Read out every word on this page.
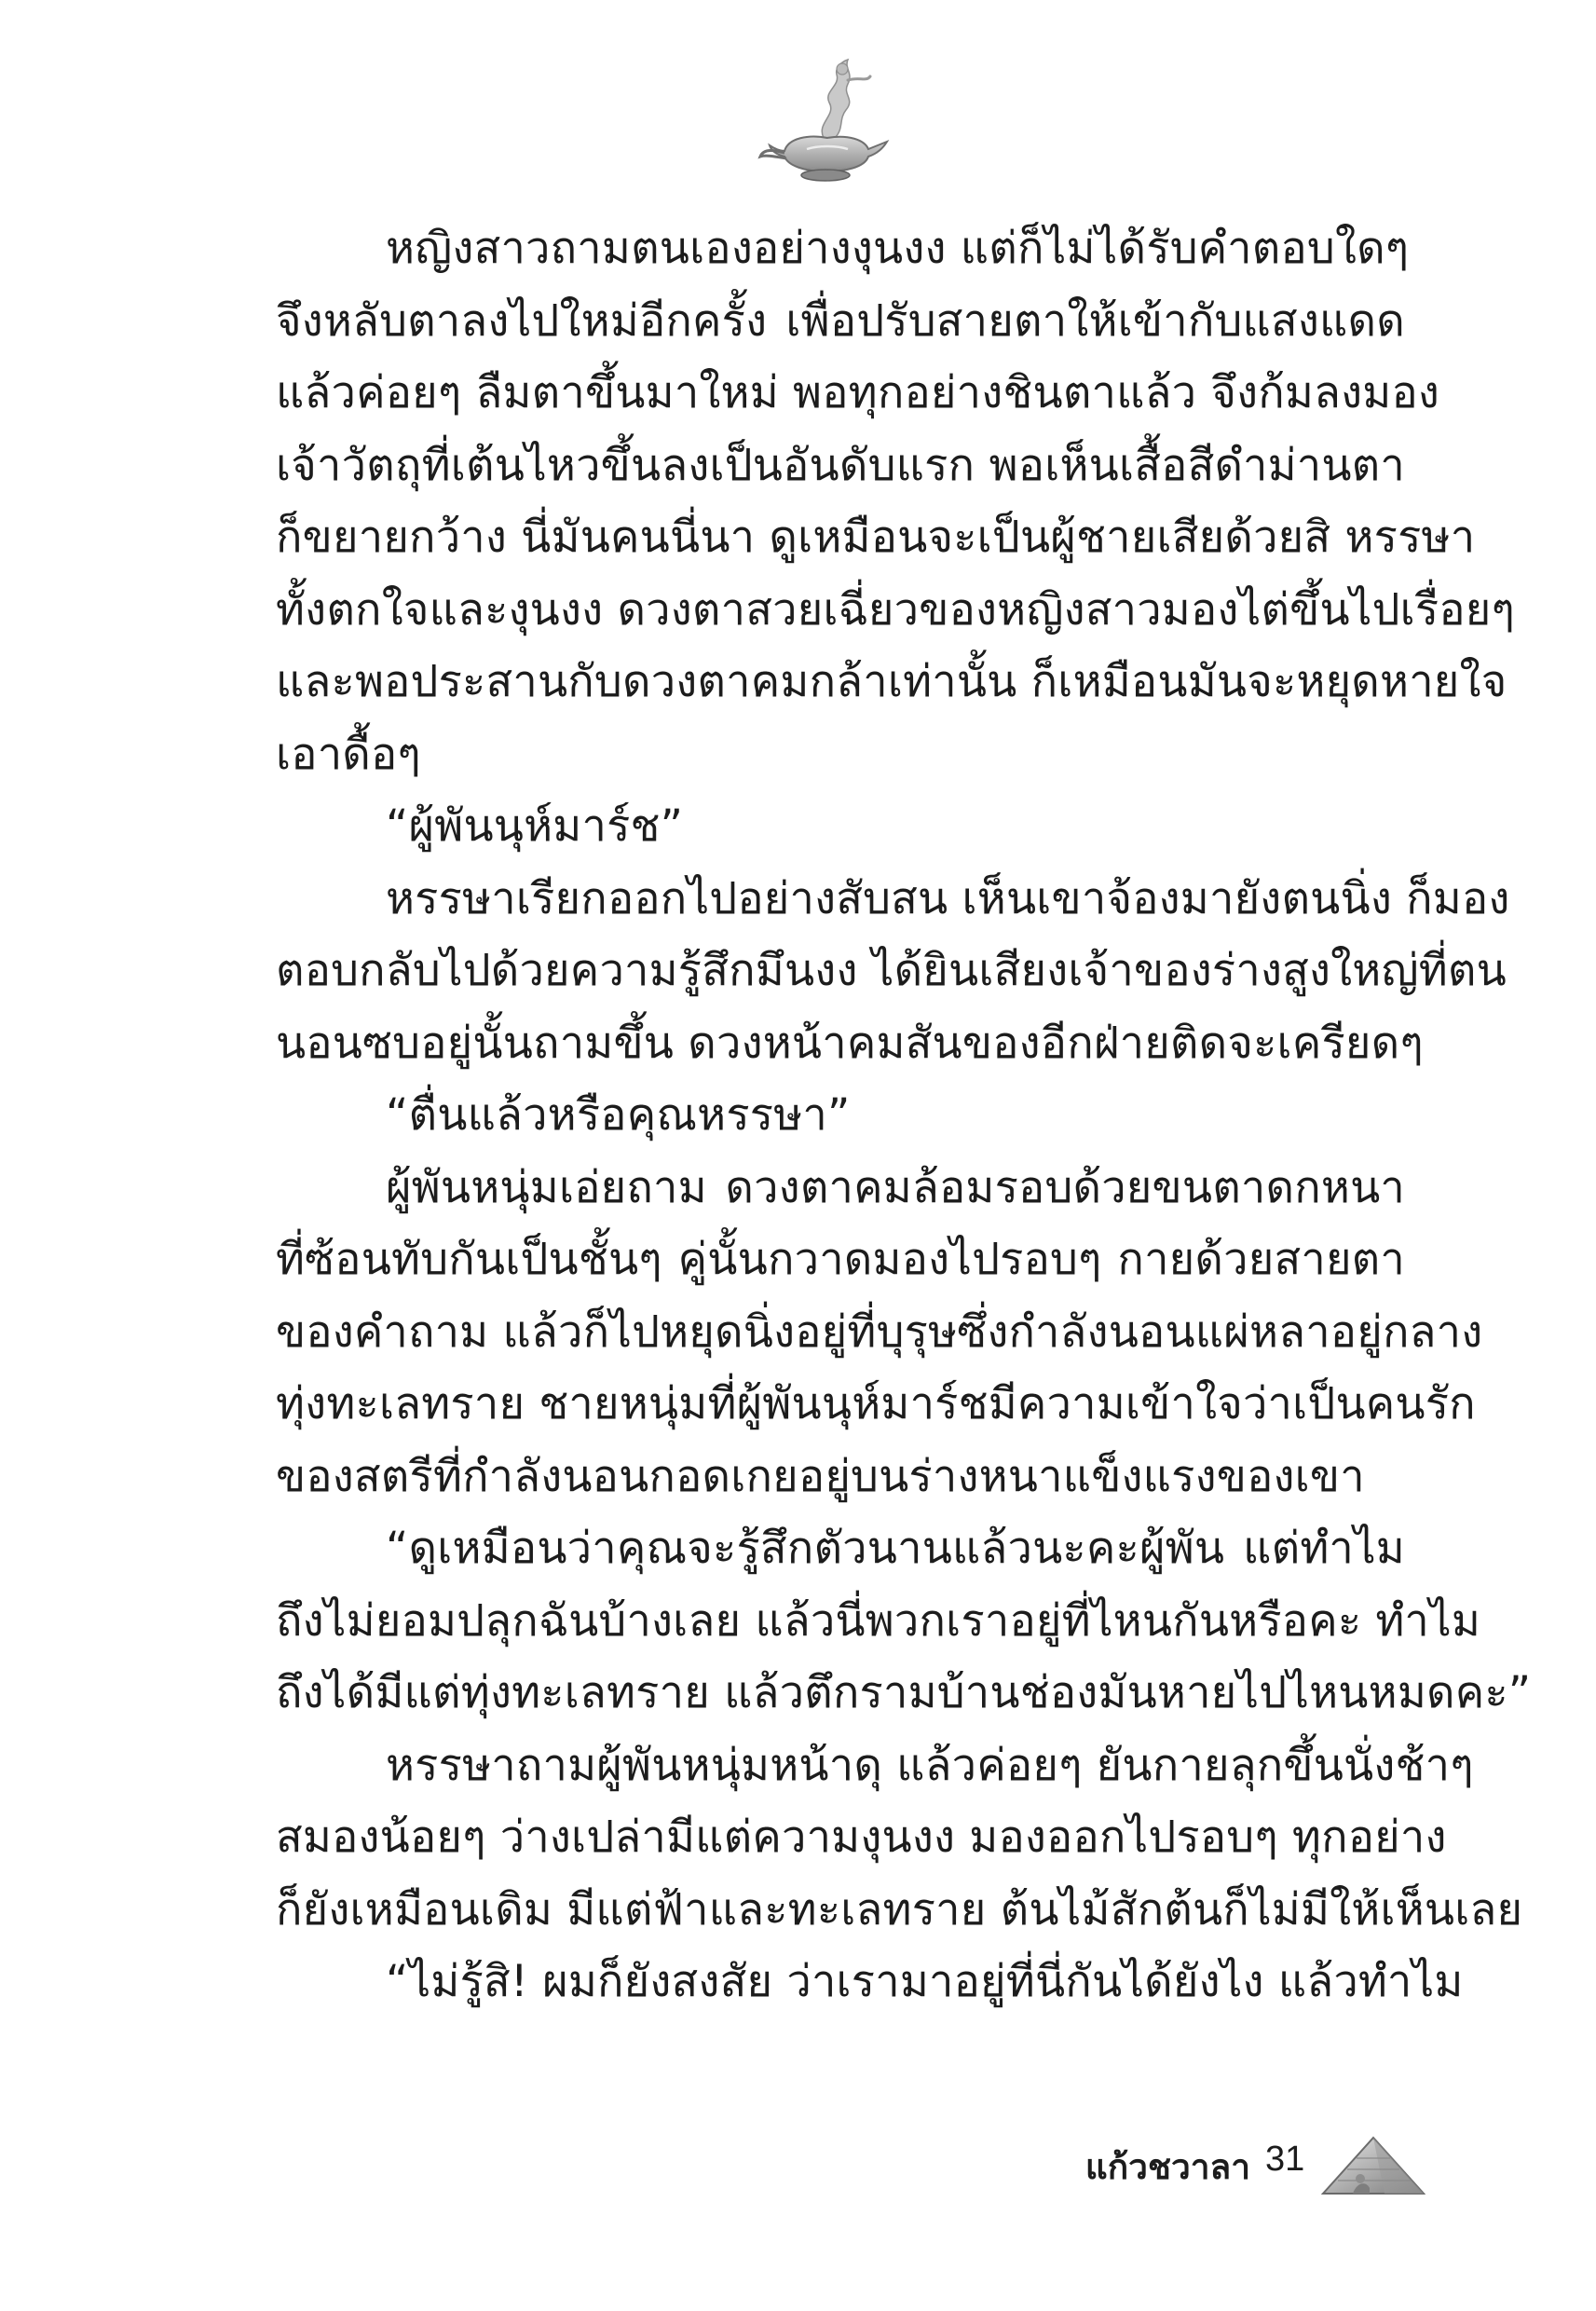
หญิงสาวถามตนเองอย่างงุนงง แต่ก็ไม่ได้รับคำตอบใดๆ
จึงหลับตาลงไปใหม่อีกครั้ง เพื่อปรับสายตาให้เข้ากับแสงแดด
แล้วค่อยๆ ลืมตาขึ้นมาใหม่ พอทุกอย่างชินตาแล้ว จึงก้มลงมอง
เจ้าวัตถุที่เต้นไหวขึ้นลงเป็นอันดับแรก พอเห็นเสื้อสีดำม่านตา
ก็ขยายกว้าง นี่มันคนนี่นา ดูเหมือนจะเป็นผู้ชายเสียด้วยสิ หรรษา
ทั้งตกใจและงุนงง ดวงตาสวยเฉี่ยวของหญิงสาวมองไต่ขึ้นไปเรื่อยๆ
และพอประสานกับดวงตาคมกล้าเท่านั้น ก็เหมือนมันจะหยุดหายใจ
เอาดื้อๆ
“ผู้พันนุห์มาร์ช”
หรรษาเรียกออกไปอย่างสับสน เห็นเขาจ้องมายังตนนิ่ง ก็มอง
ตอบกลับไปด้วยความรู้สึกมึนงง ได้ยินเสียงเจ้าของร่างสูงใหญ่ที่ตน
นอนซบอยู่นั้นถามขึ้น ดวงหน้าคมสันของอีกฝ่ายติดจะเครียดๆ
“ตื่นแล้วหรือคุณหรรษา”
ผู้พันหนุ่มเอ่ยถาม ดวงตาคมล้อมรอบด้วยขนตาดกหนา
ที่ซ้อนทับกันเป็นชั้นๆ คู่นั้นกวาดมองไปรอบๆ กายด้วยสายตา
ของคำถาม แล้วก็ไปหยุดนิ่งอยู่ที่บุรุษซึ่งกำลังนอนแผ่หลาอยู่กลาง
ทุ่งทะเลทราย ชายหนุ่มที่ผู้พันนุห์มาร์ชมีความเข้าใจว่าเป็นคนรัก
ของสตรีที่กำลังนอนกอดเกยอยู่บนร่างหนาแข็งแรงของเขา
“ดูเหมือนว่าคุณจะรู้สึกตัวนานแล้วนะคะผู้พัน แต่ทำไม
ถึงไม่ยอมปลุกฉันบ้างเลย แล้วนี่พวกเราอยู่ที่ไหนกันหรือคะ ทำไม
ถึงได้มีแต่ทุ่งทะเลทราย แล้วตึกรามบ้านช่องมันหายไปไหนหมดคะ”
หรรษาถามผู้พันหนุ่มหน้าดุ แล้วค่อยๆ ยันกายลุกขึ้นนั่งช้าๆ
สมองน้อยๆ ว่างเปล่ามีแต่ความงุนงง มองออกไปรอบๆ ทุกอย่าง
ก็ยังเหมือนเดิม มีแต่ฟ้าและทะเลทราย ต้นไม้สักต้นก็ไม่มีให้เห็นเลย
“ไม่รู้สิ! ผมก็ยังสงสัย ว่าเรามาอยู่ที่นี่กันได้ยังไง แล้วทำไม
แก้วชวาลา 31
